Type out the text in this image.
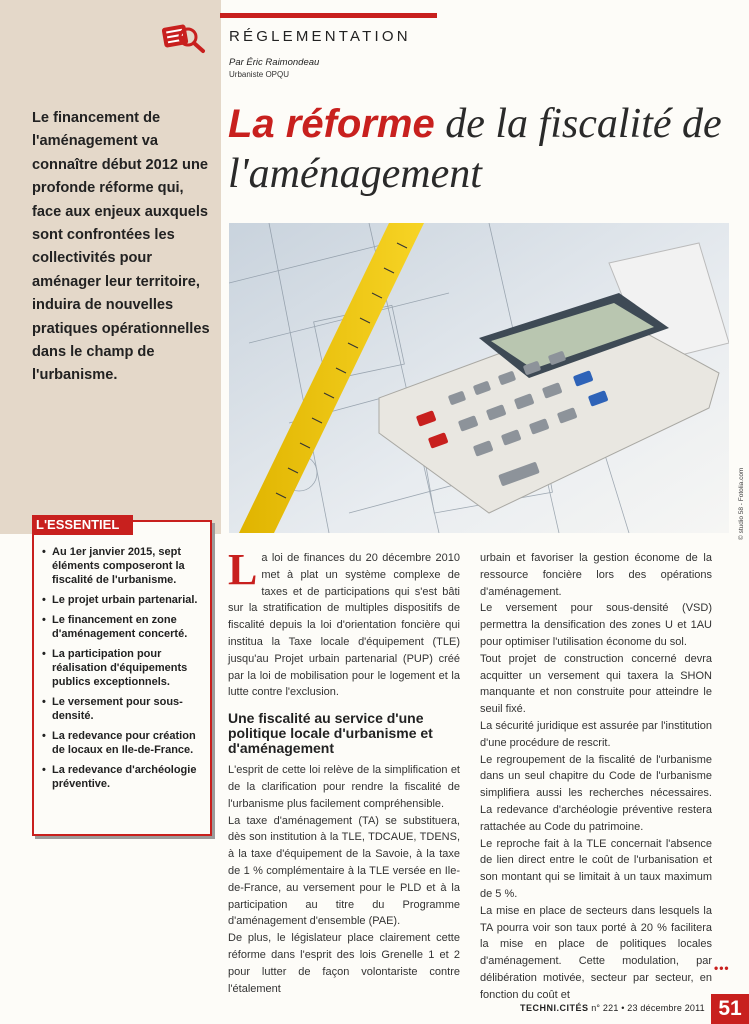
RÉGLEMENTATION
Par Éric Raimondeau
Urbaniste OPQU
La réforme de la fiscalité de l'aménagement
Le financement de l'aménagement va connaître début 2012 une profonde réforme qui, face aux enjeux auxquels sont confrontées les collectivités pour aménager leur territoire, induira de nouvelles pratiques opérationnelles dans le champ de l'urbanisme.
© studio 58 - Fotolia.com
L'ESSENTIEL
• Au 1er janvier 2015, sept éléments composeront la fiscalité de l'urbanisme.
• Le projet urbain partenarial.
• Le financement en zone d'aménagement concerté.
• La participation pour réalisation d'équipements publics exceptionnels.
• Le versement pour sous-densité.
• La redevance pour création de locaux en Ile-de-France.
• La redevance d'archéologie préventive.

La loi de finances du 20 décembre 2010 met à plat un système complexe de taxes et de participations qui s'est bâti sur la stratification de multiples dispositifs de fiscalité depuis la loi d'orientation foncière qui institua la Taxe locale d'équipement (TLE) jusqu'au Projet urbain partenarial (PUP) créé par la loi de mobilisation pour le logement et la lutte contre l'exclusion.

Une fiscalité au service d'une politique locale d'urbanisme et d'aménagement

L'esprit de cette loi relève de la simplification et de la clarification pour rendre la fiscalité de l'urbanisme plus facilement compréhensible.

La taxe d'aménagement (TA) se substituera, dès son institution à la TLE, TDCAUE, TDENS, à la taxe d'équipement de la Savoie, à la taxe de 1 % complémentaire à la TLE versée en Ile-de-France, au versement pour le PLD et à la participation au titre du Programme d'aménagement d'ensemble (PAE).

De plus, le législateur place clairement cette réforme dans l'esprit des lois Grenelle 1 et 2 pour lutter de façon volontariste contre l'étalement

urbain et favoriser la gestion économe de la ressource foncière lors des opérations d'aménagement.

Le versement pour sous-densité (VSD) permettra la densification des zones U et 1AU pour optimiser l'utilisation économe du sol.

Tout projet de construction concerné devra acquitter un versement qui taxera la SHON manquante et non construite pour atteindre le seuil fixé.

La sécurité juridique est assurée par l'institution d'une procédure de rescrit.

Le regroupement de la fiscalité de l'urbanisme dans un seul chapitre du Code de l'urbanisme simplifiera aussi les recherches nécessaires. La redevance d'archéologie préventive restera rattachée au Code du patrimoine.

Le reproche fait à la TLE concernait l'absence de lien direct entre le coût de l'urbanisation et son montant qui se limitait à un taux maximum de 5 %.

La mise en place de secteurs dans lesquels la TA pourra voir son taux porté à 20 % facilitera la mise en place de politiques locales d'aménagement. Cette modulation, par délibération motivée, secteur par secteur, en fonction du coût et

•••
TECHNI.CITÉS n° 221 • 23 décembre 2011 51
